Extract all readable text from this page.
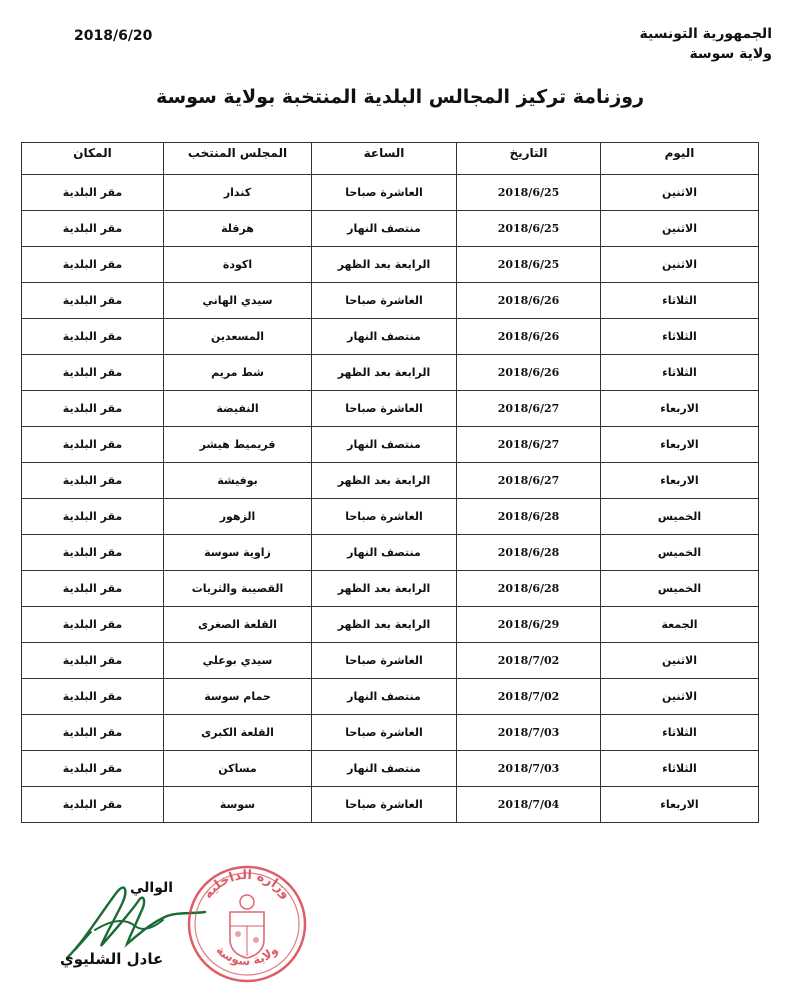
الجمهورية التونسية
ولاية سوسة
2018/6/20
روزنامة تركيز المجالس البلدية المنتخبة بولاية سوسة
اليوم	التاريخ	الساعة	المجلس المنتخب	المكان
الاثنين	2018/6/25	العاشرة صباحا	كندار	مقر البلدية
الاثنين	2018/6/25	منتصف النهار	هرقلة	مقر البلدية
الاثنين	2018/6/25	الرابعة بعد الظهر	اكودة	مقر البلدية
الثلاثاء	2018/6/26	العاشرة صباحا	سيدي الهاني	مقر البلدية
الثلاثاء	2018/6/26	منتصف النهار	المسعدين	مقر البلدية
الثلاثاء	2018/6/26	الرابعة بعد الظهر	شط مريم	مقر البلدية
الاربعاء	2018/6/27	العاشرة صباحا	النفيضة	مقر البلدية
الاربعاء	2018/6/27	منتصف النهار	قريميط هيشر	مقر البلدية
الاربعاء	2018/6/27	الرابعة بعد الظهر	بوفيشة	مقر البلدية
الخميس	2018/6/28	العاشرة صباحا	الزهور	مقر البلدية
الخميس	2018/6/28	منتصف النهار	زاوية سوسة	مقر البلدية
الخميس	2018/6/28	الرابعة بعد الظهر	القصيبة والثريات	مقر البلدية
الجمعة	2018/6/29	الرابعة بعد الظهر	القلعة الصغرى	مقر البلدية
الاثنين	2018/7/02	العاشرة صباحا	سيدي بوعلي	مقر البلدية
الاثنين	2018/7/02	منتصف النهار	حمام سوسة	مقر البلدية
الثلاثاء	2018/7/03	العاشرة صباحا	القلعة الكبرى	مقر البلدية
الثلاثاء	2018/7/03	منتصف النهار	مساكن	مقر البلدية
الاربعاء	2018/7/04	العاشرة صباحا	سوسة	مقر البلدية
الوالي
عادل الشليوي
وزارة الداخلية
ولاية سوسة
